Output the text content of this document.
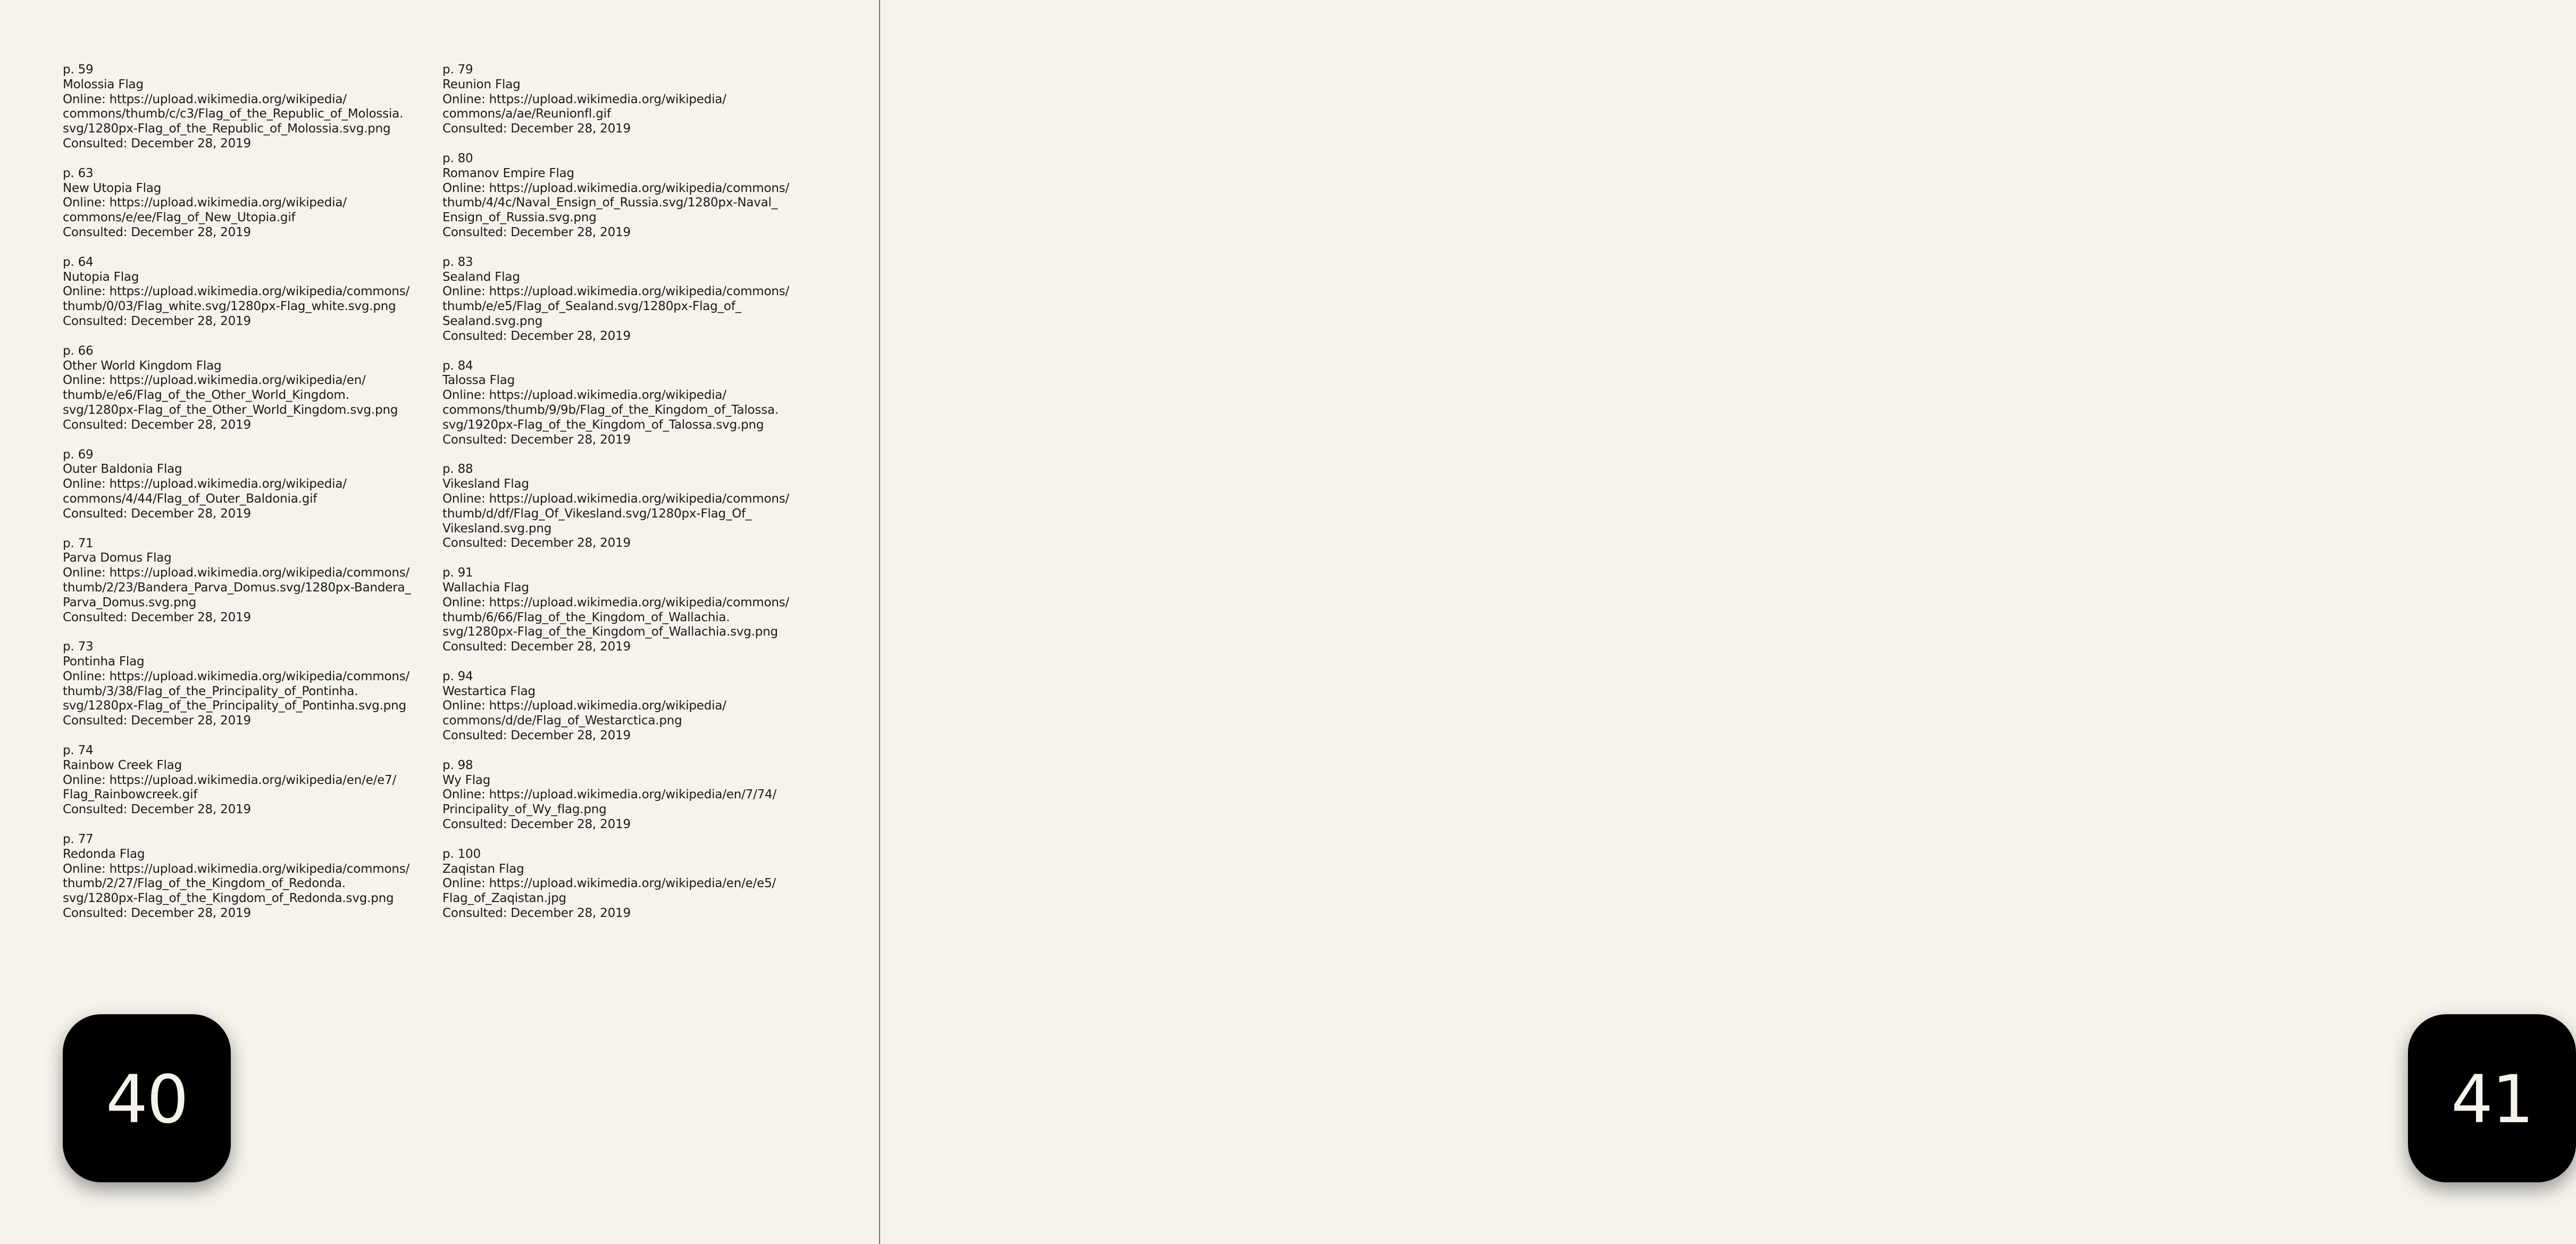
p. 59
Molossia Flag
Online: https://upload.wikimedia.org/wikipedia/
commons/thumb/c/c3/Flag_of_the_Republic_of_Molossia.
svg/1280px-Flag_of_the_Republic_of_Molossia.svg.png
Consulted: December 28, 2019
p. 63
New Utopia Flag
Online: https://upload.wikimedia.org/wikipedia/
commons/e/ee/Flag_of_New_Utopia.gif
Consulted: December 28, 2019
p. 64
Nutopia Flag
Online: https://upload.wikimedia.org/wikipedia/commons/
thumb/0/03/Flag_white.svg/1280px-Flag_white.svg.png
Consulted: December 28, 2019
p. 66
Other World Kingdom Flag
Online: https://upload.wikimedia.org/wikipedia/en/
thumb/e/e6/Flag_of_the_Other_World_Kingdom.
svg/1280px-Flag_of_the_Other_World_Kingdom.svg.png
Consulted: December 28, 2019
p. 69
Outer Baldonia Flag
Online: https://upload.wikimedia.org/wikipedia/
commons/4/44/Flag_of_Outer_Baldonia.gif
Consulted: December 28, 2019
p. 71
Parva Domus Flag
Online: https://upload.wikimedia.org/wikipedia/commons/
thumb/2/23/Bandera_Parva_Domus.svg/1280px-Bandera_
Parva_Domus.svg.png
Consulted: December 28, 2019
p. 73
Pontinha Flag
Online: https://upload.wikimedia.org/wikipedia/commons/
thumb/3/38/Flag_of_the_Principality_of_Pontinha.
svg/1280px-Flag_of_the_Principality_of_Pontinha.svg.png
Consulted: December 28, 2019
p. 74
Rainbow Creek Flag
Online: https://upload.wikimedia.org/wikipedia/en/e/e7/
Flag_Rainbowcreek.gif
Consulted: December 28, 2019
p. 77
Redonda Flag
Online: https://upload.wikimedia.org/wikipedia/commons/
thumb/2/27/Flag_of_the_Kingdom_of_Redonda.
svg/1280px-Flag_of_the_Kingdom_of_Redonda.svg.png
Consulted: December 28, 2019
p. 79
Reunion Flag
Online: https://upload.wikimedia.org/wikipedia/
commons/a/ae/Reunionfl.gif
Consulted: December 28, 2019
p. 80
Romanov Empire Flag
Online: https://upload.wikimedia.org/wikipedia/commons/
thumb/4/4c/Naval_Ensign_of_Russia.svg/1280px-Naval_
Ensign_of_Russia.svg.png
Consulted: December 28, 2019
p. 83
Sealand Flag
Online: https://upload.wikimedia.org/wikipedia/commons/
thumb/e/e5/Flag_of_Sealand.svg/1280px-Flag_of_
Sealand.svg.png
Consulted: December 28, 2019
p. 84
Talossa Flag
Online: https://upload.wikimedia.org/wikipedia/
commons/thumb/9/9b/Flag_of_the_Kingdom_of_Talossa.
svg/1920px-Flag_of_the_Kingdom_of_Talossa.svg.png
Consulted: December 28, 2019
p. 88
Vikesland Flag
Online: https://upload.wikimedia.org/wikipedia/commons/
thumb/d/df/Flag_Of_Vikesland.svg/1280px-Flag_Of_
Vikesland.svg.png
Consulted: December 28, 2019
p. 91
Wallachia Flag
Online: https://upload.wikimedia.org/wikipedia/commons/
thumb/6/66/Flag_of_the_Kingdom_of_Wallachia.
svg/1280px-Flag_of_the_Kingdom_of_Wallachia.svg.png
Consulted: December 28, 2019
p. 94
Westartica Flag
Online: https://upload.wikimedia.org/wikipedia/
commons/d/de/Flag_of_Westarctica.png
Consulted: December 28, 2019
p. 98
Wy Flag
Online: https://upload.wikimedia.org/wikipedia/en/7/74/
Principality_of_Wy_flag.png
Consulted: December 28, 2019
p. 100
Zaqistan Flag
Online: https://upload.wikimedia.org/wikipedia/en/e/e5/
Flag_of_Zaqistan.jpg
Consulted: December 28, 2019
40	41
